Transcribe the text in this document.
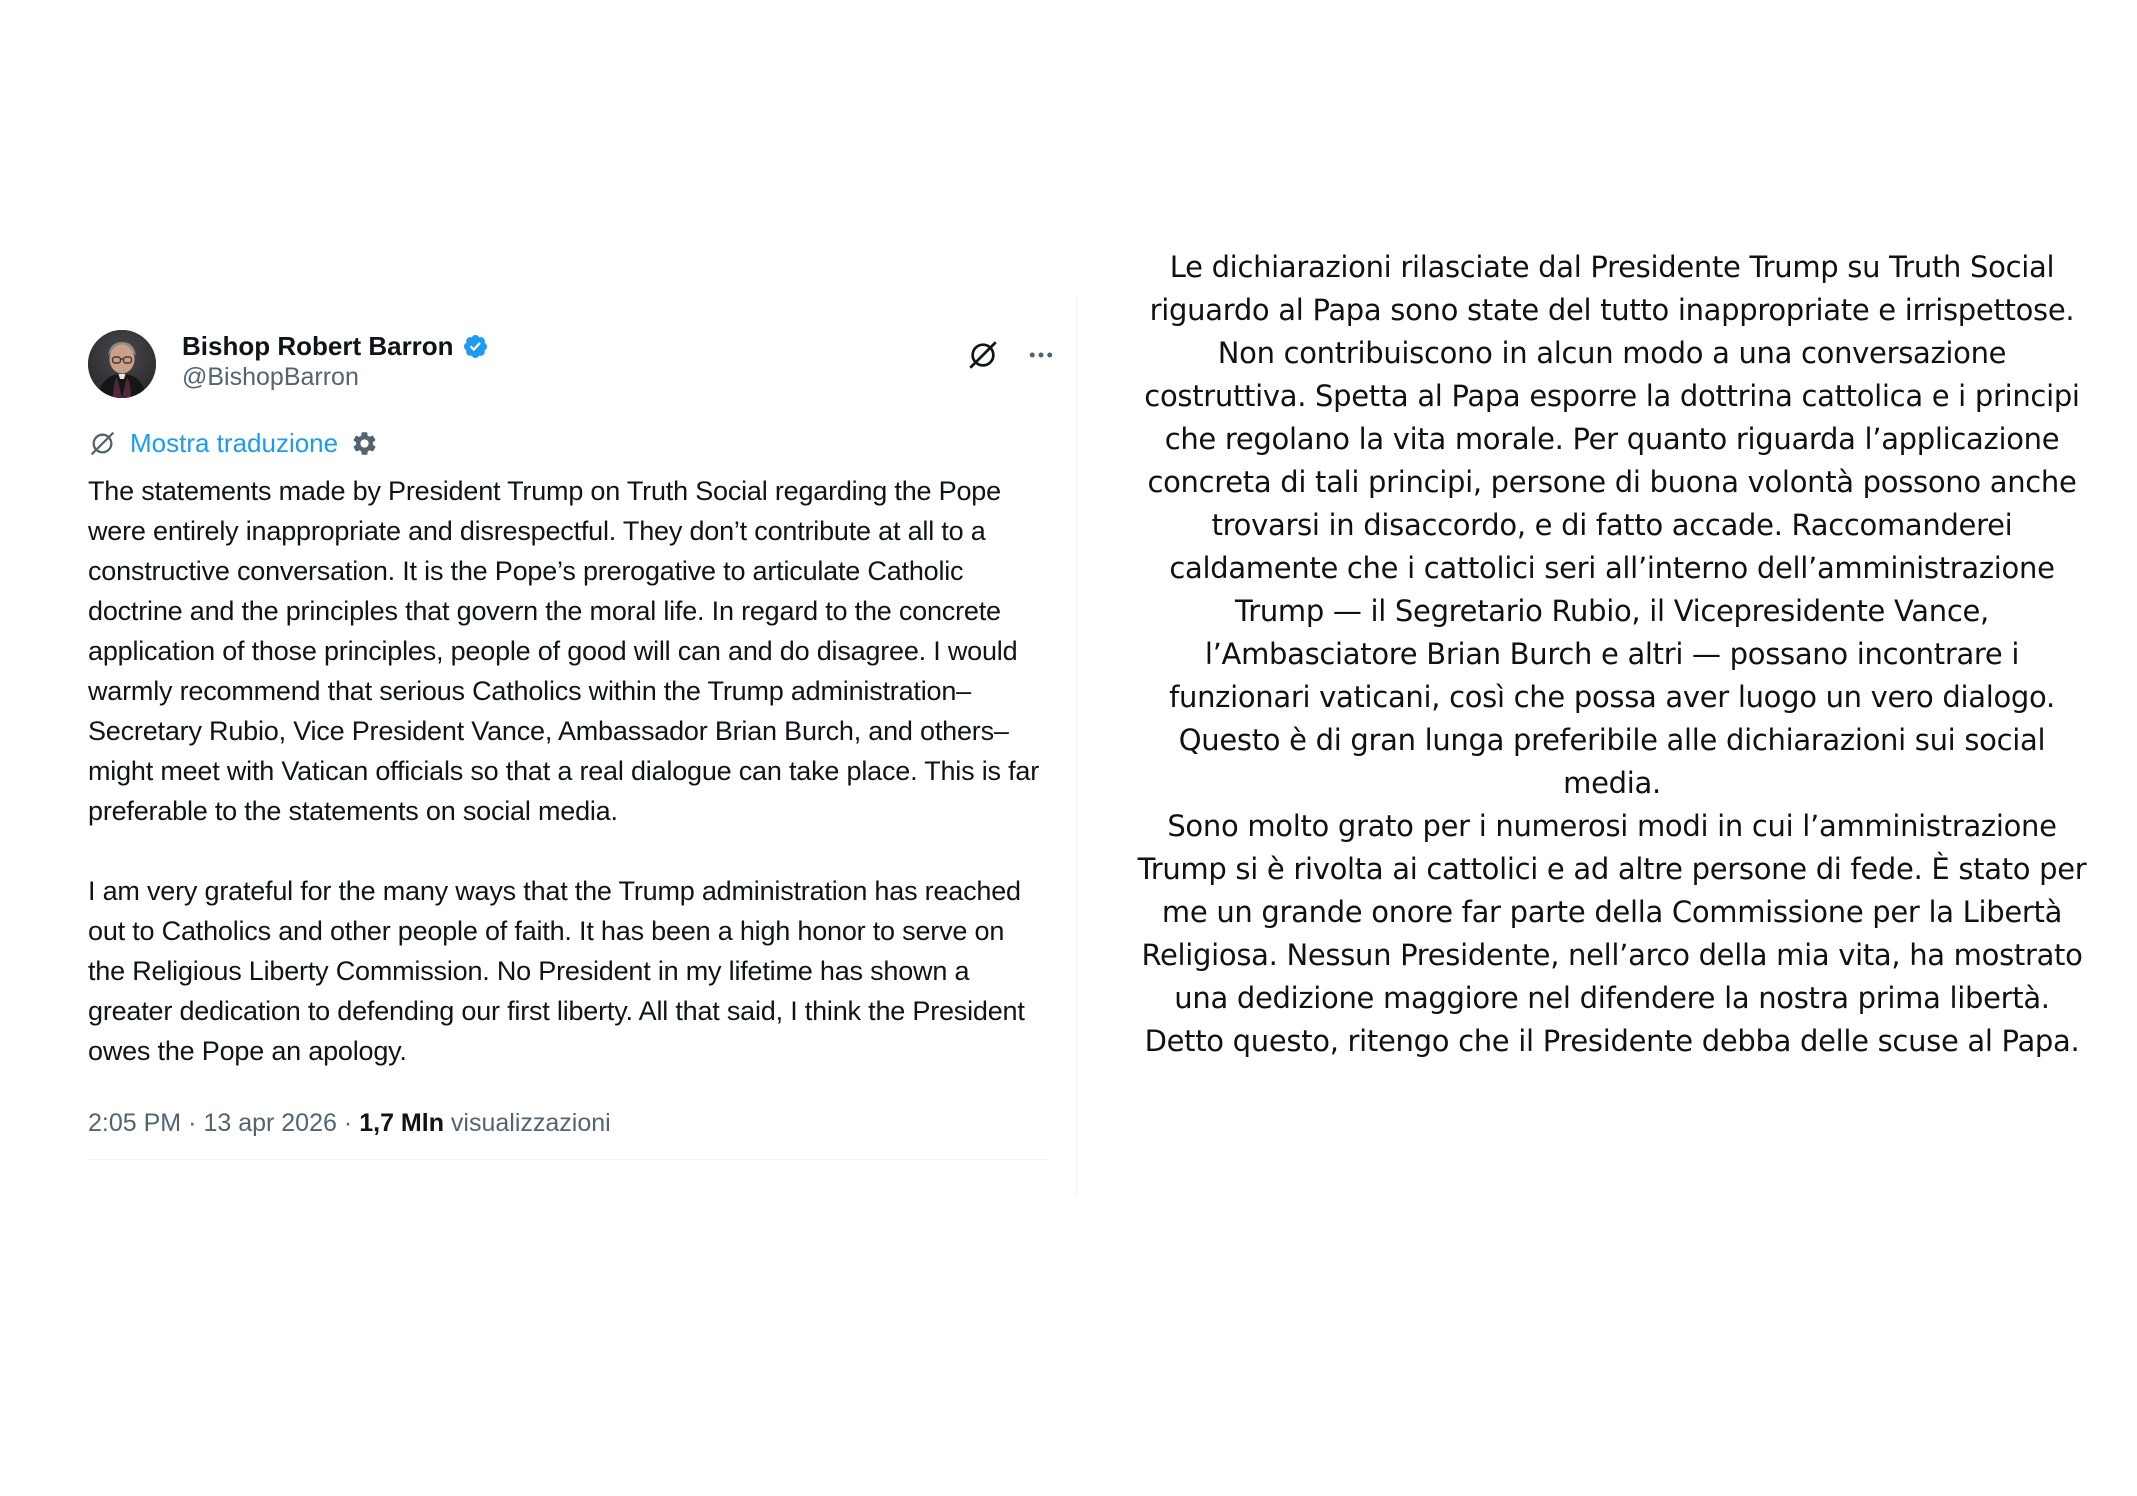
Bishop Robert Barron
@BishopBarron
Mostra traduzione

The statements made by President Trump on Truth Social regarding the Pope were entirely inappropriate and disrespectful. They don’t contribute at all to a constructive conversation. It is the Pope’s prerogative to articulate Catholic doctrine and the principles that govern the moral life. In regard to the concrete application of those principles, people of good will can and do disagree. I would warmly recommend that serious Catholics within the Trump administration–Secretary Rubio, Vice President Vance, Ambassador Brian Burch, and others–might meet with Vatican officials so that a real dialogue can take place. This is far preferable to the statements on social media.

I am very grateful for the many ways that the Trump administration has reached out to Catholics and other people of faith. It has been a high honor to serve on the Religious Liberty Commission. No President in my lifetime has shown a greater dedication to defending our first liberty. All that said, I think the President owes the Pope an apology.

2:05 PM · 13 apr 2026 · 1,7 Mln visualizzazioni

Le dichiarazioni rilasciate dal Presidente Trump su Truth Social riguardo al Papa sono state del tutto inappropriate e irrispettose. Non contribuiscono in alcun modo a una conversazione costruttiva. Spetta al Papa esporre la dottrina cattolica e i principi che regolano la vita morale. Per quanto riguarda l’applicazione concreta di tali principi, persone di buona volontà possono anche trovarsi in disaccordo, e di fatto accade. Raccomanderei caldamente che i cattolici seri all’interno dell’amministrazione Trump — il Segretario Rubio, il Vicepresidente Vance, l’Ambasciatore Brian Burch e altri — possano incontrare i funzionari vaticani, così che possa aver luogo un vero dialogo. Questo è di gran lunga preferibile alle dichiarazioni sui social media.

Sono molto grato per i numerosi modi in cui l’amministrazione Trump si è rivolta ai cattolici e ad altre persone di fede. È stato per me un grande onore far parte della Commissione per la Libertà Religiosa. Nessun Presidente, nell’arco della mia vita, ha mostrato una dedizione maggiore nel difendere la nostra prima libertà. Detto questo, ritengo che il Presidente debba delle scuse al Papa.
